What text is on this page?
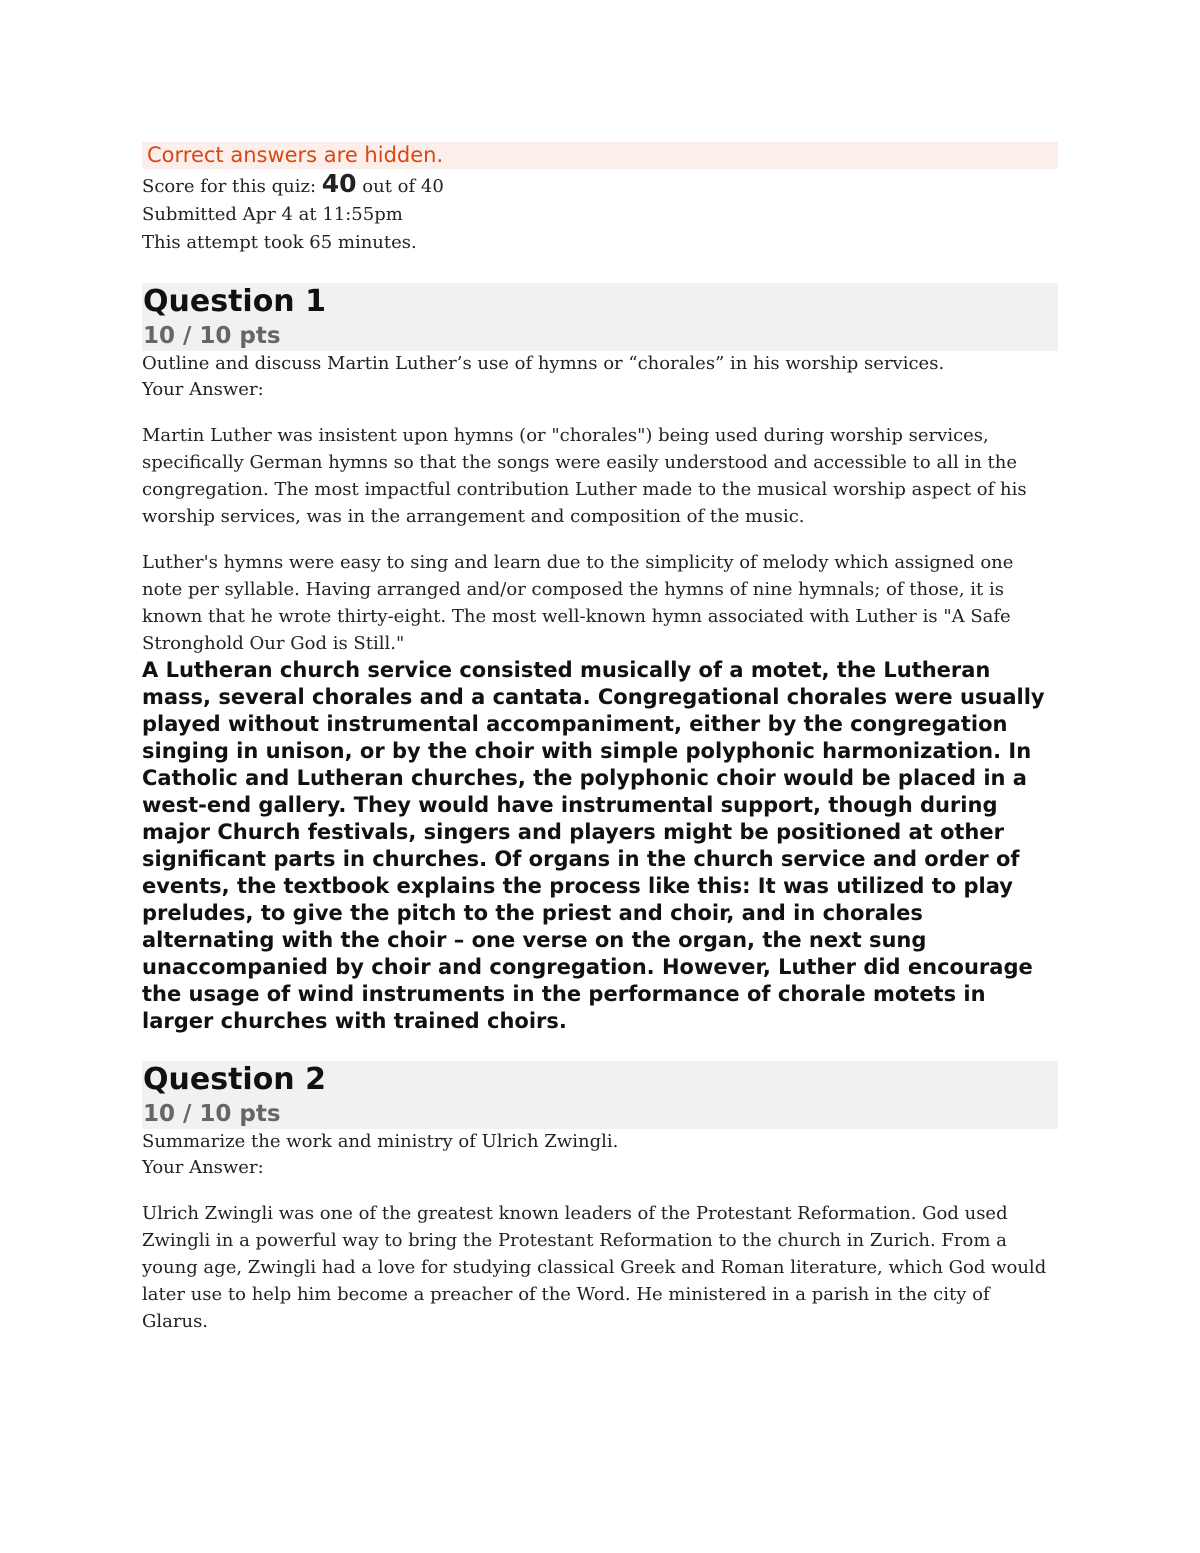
Correct answers are hidden.
Score for this quiz: 40 out of 40
Submitted Apr 4 at 11:55pm
This attempt took 65 minutes.
Question 1
10 / 10 pts
Outline and discuss Martin Luther’s use of hymns or “chorales” in his worship services.
Your Answer:

Martin Luther was insistent upon hymns (or "chorales") being used during worship services, specifically German hymns so that the songs were easily understood and accessible to all in the congregation. The most impactful contribution Luther made to the musical worship aspect of his worship services, was in the arrangement and composition of the music.

Luther's hymns were easy to sing and learn due to the simplicity of melody which assigned one note per syllable. Having arranged and/or composed the hymns of nine hymnals; of those, it is known that he wrote thirty-eight. The most well-known hymn associated with Luther is "A Safe Stronghold Our God is Still."

A Lutheran church service consisted musically of a motet, the Lutheran mass, several chorales and a cantata. Congregational chorales were usually played without instrumental accompaniment, either by the congregation singing in unison, or by the choir with simple polyphonic harmonization. In Catholic and Lutheran churches, the polyphonic choir would be placed in a west-end gallery. They would have instrumental support, though during major Church festivals, singers and players might be positioned at other significant parts in churches. Of organs in the church service and order of events, the textbook explains the process like this: It was utilized to play preludes, to give the pitch to the priest and choir, and in chorales alternating with the choir – one verse on the organ, the next sung unaccompanied by choir and congregation. However, Luther did encourage the usage of wind instruments in the performance of chorale motets in larger churches with trained choirs.

Question 2
10 / 10 pts
Summarize the work and ministry of Ulrich Zwingli.
Your Answer:

Ulrich Zwingli was one of the greatest known leaders of the Protestant Reformation. God used Zwingli in a powerful way to bring the Protestant Reformation to the church in Zurich. From a young age, Zwingli had a love for studying classical Greek and Roman literature, which God would later use to help him become a preacher of the Word. He ministered in a parish in the city of Glarus.
